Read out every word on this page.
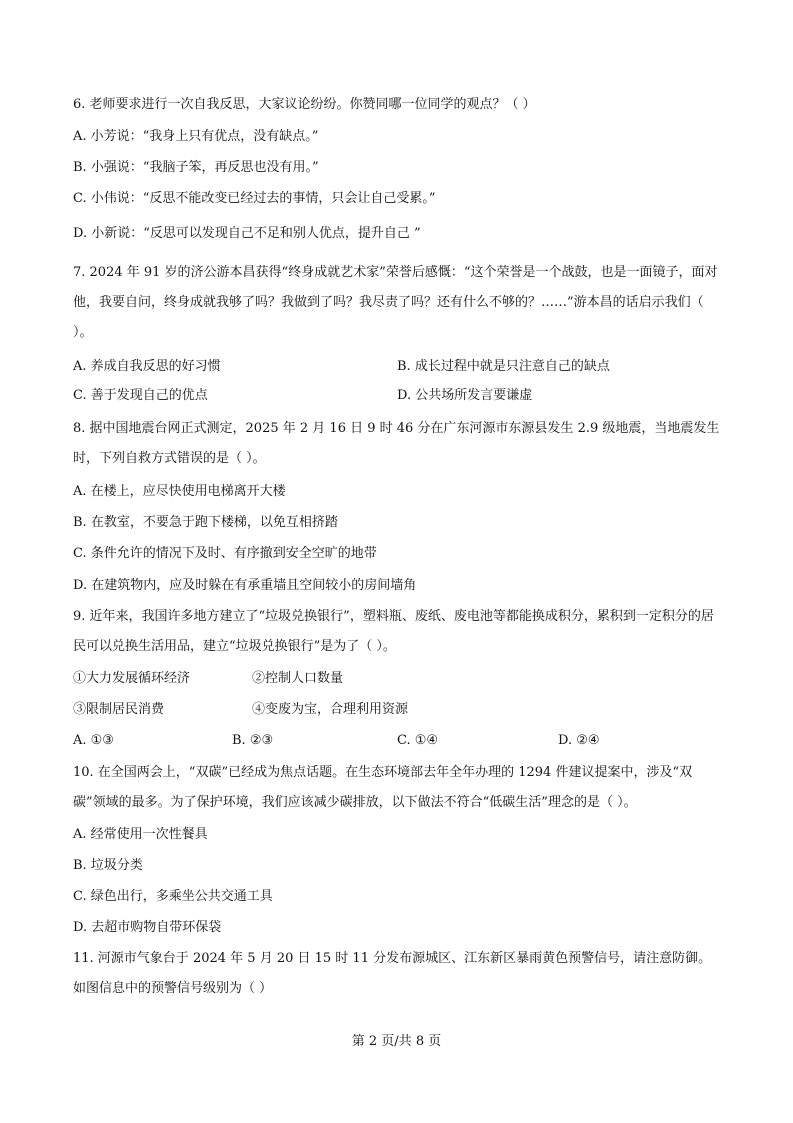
6. 老师要求进行一次自我反思，大家议论纷纷。你赞同哪一位同学的观点？（ ）
A. 小芳说：“我身上只有优点，没有缺点。”
B. 小强说：“我脑子笨，再反思也没有用。”
C. 小伟说：“反思不能改变已经过去的事情，只会让自己受累。”
D. 小新说：“反思可以发现自己不足和别人优点，提升自己 ”
7. 2024 年 91 岁的济公游本昌获得“终身成就艺术家”荣誉后感慨：“这个荣誉是一个战鼓，也是一面镜子，面对他，我要自问，终身成就我够了吗？我做到了吗？我尽责了吗？还有什么不够的？……”游本昌的话启示我们（ ）。
A. 养成自我反思的好习惯	B. 成长过程中就是只注意自己的缺点
C. 善于发现自己的优点	D. 公共场所发言要谦虚
8. 据中国地震台网正式测定，2025 年 2 月 16 日 9 时 46 分在广东河源市东源县发生 2.9 级地震，当地震发生时，下列自救方式错误的是（ ）。
A. 在楼上，应尽快使用电梯离开大楼
B. 在教室，不要急于跑下楼梯，以免互相挤踏
C. 条件允许的情况下及时、有序撤到安全空旷的地带
D. 在建筑物内，应及时躲在有承重墙且空间较小的房间墙角
9. 近年来，我国许多地方建立了“垃圾兑换银行”，塑料瓶、废纸、废电池等都能换成积分，累积到一定积分的居民可以兑换生活用品，建立“垃圾兑换银行”是为了（ ）。
①大力发展循环经济	②控制人口数量
③限制居民消费	④变废为宝，合理利用资源
A. ①③	B. ②③	C. ①④	D. ②④
10. 在全国两会上，“双碳”已经成为焦点话题。在生态环境部去年全年办理的 1294 件建议提案中，涉及“双碳”领域的最多。为了保护环境，我们应该减少碳排放，以下做法不符合“低碳生活”理念的是（ ）。
A. 经常使用一次性餐具
B. 垃圾分类
C. 绿色出行，多乘坐公共交通工具
D. 去超市购物自带环保袋
11. 河源市气象台于 2024 年 5 月 20 日 15 时 11 分发布源城区、江东新区暴雨黄色预警信号，请注意防御。如图信息中的预警信号级别为（ ）
第 2 页/共 8 页
